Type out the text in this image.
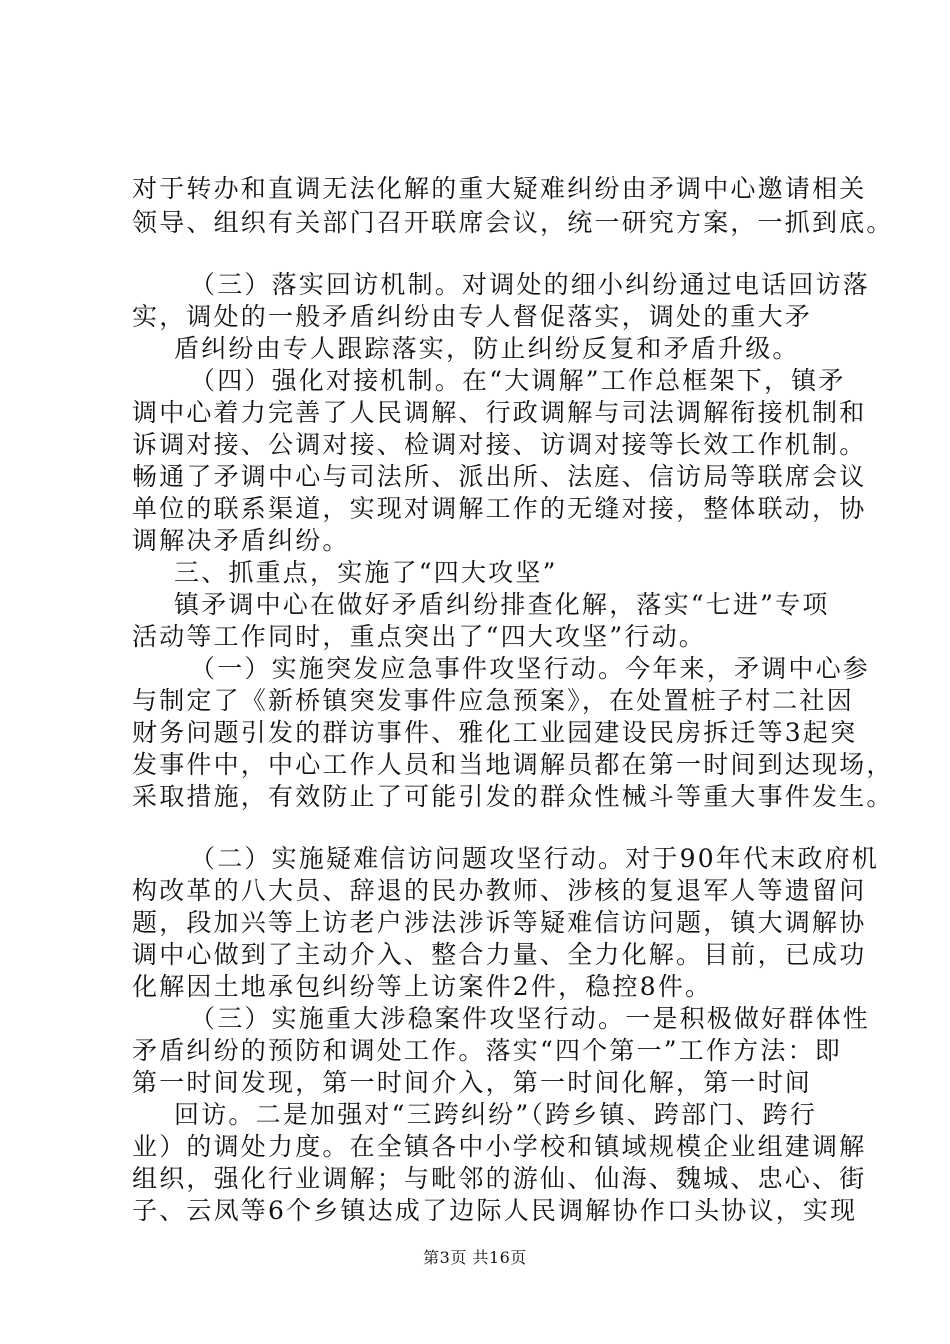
对于转办和直调无法化解的重大疑难纠纷由矛调中心邀请相关
领导、组织有关部门召开联席会议，统一研究方案，一抓到底。
（三）落实回访机制。对调处的细小纠纷通过电话回访落
实，调处的一般矛盾纠纷由专人督促落实，调处的重大矛
盾纠纷由专人跟踪落实，防止纠纷反复和矛盾升级。
（四）强化对接机制。在“大调解”工作总框架下，镇矛
调中心着力完善了人民调解、行政调解与司法调解衔接机制和
诉调对接、公调对接、检调对接、访调对接等长效工作机制。
畅通了矛调中心与司法所、派出所、法庭、信访局等联席会议
单位的联系渠道，实现对调解工作的无缝对接，整体联动，协
调解决矛盾纠纷。
三、抓重点，实施了“四大攻坚”
镇矛调中心在做好矛盾纠纷排查化解，落实“七进”专项
活动等工作同时，重点突出了“四大攻坚”行动。
（一）实施突发应急事件攻坚行动。今年来，矛调中心参
与制定了《新桥镇突发事件应急预案》，在处置桩子村二社因
财务问题引发的群访事件、雅化工业园建设民房拆迁等3起突
发事件中，中心工作人员和当地调解员都在第一时间到达现场，
采取措施，有效防止了可能引发的群众性械斗等重大事件发生。
（二）实施疑难信访问题攻坚行动。对于90年代末政府机
构改革的八大员、辞退的民办教师、涉核的复退军人等遗留问
题，段加兴等上访老户涉法涉诉等疑难信访问题，镇大调解协
调中心做到了主动介入、整合力量、全力化解。目前，已成功
化解因土地承包纠纷等上访案件2件，稳控8件。
（三）实施重大涉稳案件攻坚行动。一是积极做好群体性
矛盾纠纷的预防和调处工作。落实“四个第一”工作方法：即
第一时间发现，第一时间介入，第一时间化解，第一时间
回访。二是加强对“三跨纠纷”（跨乡镇、跨部门、跨行
业）的调处力度。在全镇各中小学校和镇域规模企业组建调解
组织，强化行业调解；与毗邻的游仙、仙海、魏城、忠心、街
子、云凤等6个乡镇达成了边际人民调解协作口头协议，实现
第3页 共16页
